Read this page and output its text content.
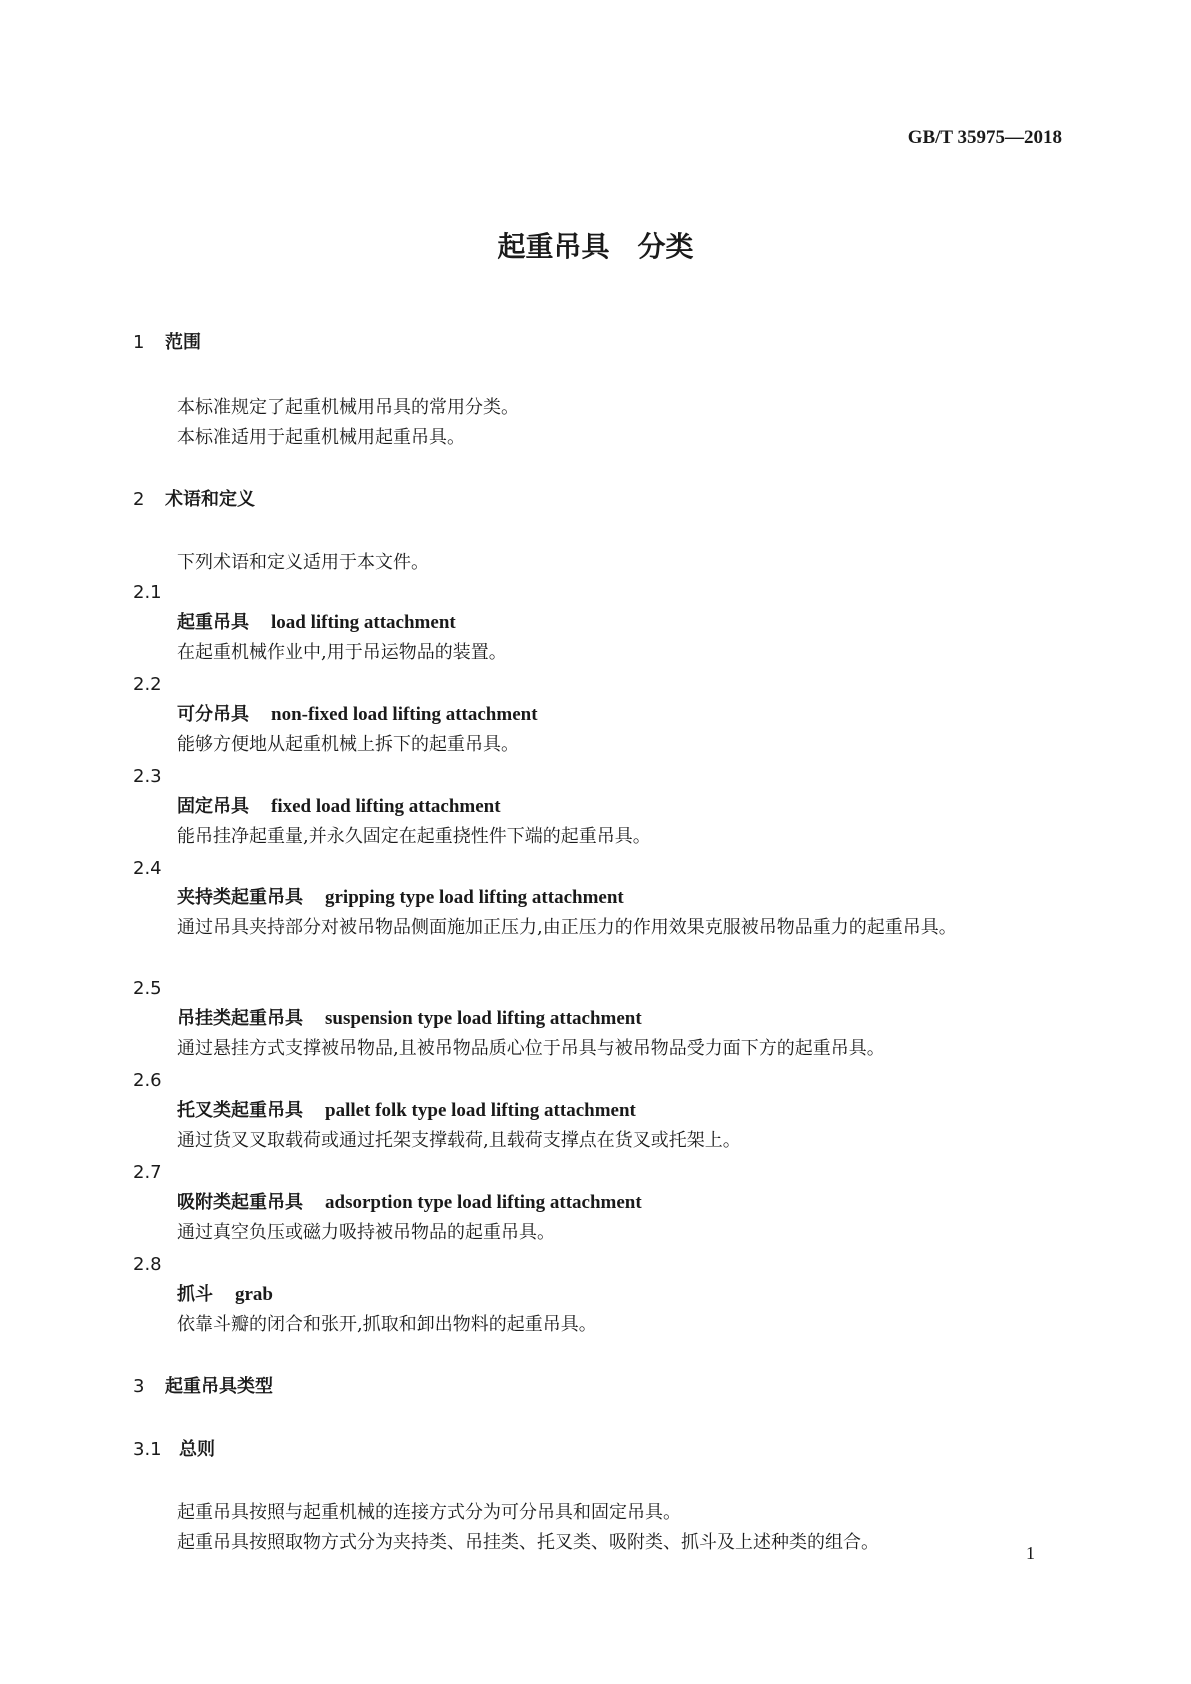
GB/T 35975—2018
起重吊具　分类
1 范围
本标准规定了起重机械用吊具的常用分类。
本标准适用于起重机械用起重吊具。
2 术语和定义
下列术语和定义适用于本文件。
2.1
起重吊具 load lifting attachment
在起重机械作业中,用于吊运物品的装置。
2.2
可分吊具 non-fixed load lifting attachment
能够方便地从起重机械上拆下的起重吊具。
2.3
固定吊具 fixed load lifting attachment
能吊挂净起重量,并永久固定在起重挠性件下端的起重吊具。
2.4
夹持类起重吊具 gripping type load lifting attachment
通过吊具夹持部分对被吊物品侧面施加正压力,由正压力的作用效果克服被吊物品重力的起重吊具。
2.5
吊挂类起重吊具 suspension type load lifting attachment
通过悬挂方式支撑被吊物品,且被吊物品质心位于吊具与被吊物品受力面下方的起重吊具。
2.6
托叉类起重吊具 pallet folk type load lifting attachment
通过货叉叉取载荷或通过托架支撑载荷,且载荷支撑点在货叉或托架上。
2.7
吸附类起重吊具 adsorption type load lifting attachment
通过真空负压或磁力吸持被吊物品的起重吊具。
2.8
抓斗 grab
依靠斗瓣的闭合和张开,抓取和卸出物料的起重吊具。
3 起重吊具类型
3.1 总则
起重吊具按照与起重机械的连接方式分为可分吊具和固定吊具。
起重吊具按照取物方式分为夹持类、吊挂类、托叉类、吸附类、抓斗及上述种类的组合。	1
